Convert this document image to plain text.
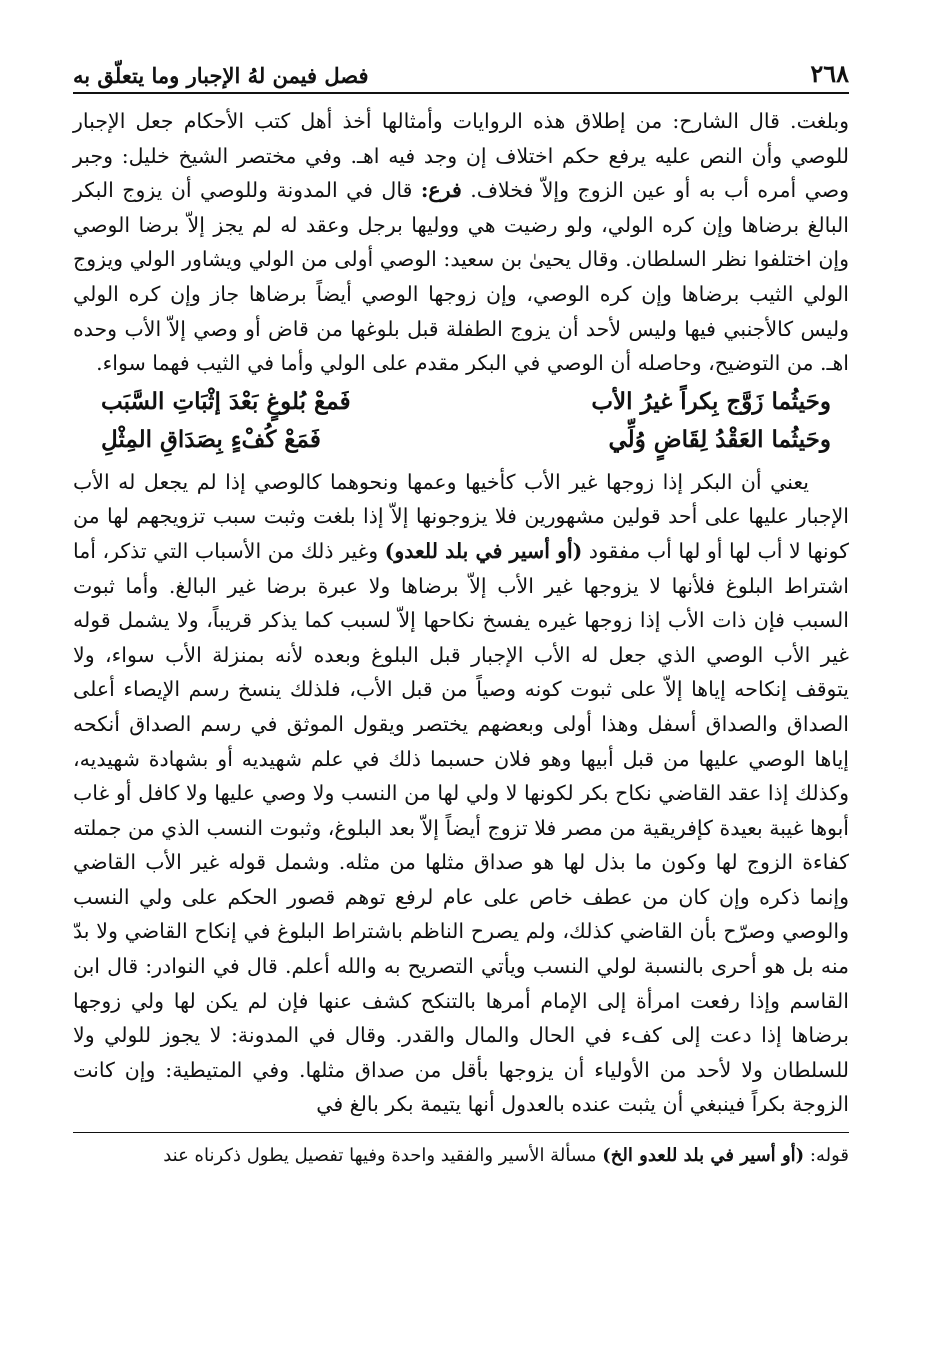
٢٦٨
فصل فيمن لهُ الإجبار وما يتعلّق به

وبلغت. قال الشارح: من إطلاق هذه الروايات وأمثالها أخذ أهل كتب الأحكام جعل الإجبار للوصي وأن النص عليه يرفع حكم اختلاف إن وجد فيه اهـ. وفي مختصر الشيخ خليل: وجبر وصي أمره أب به أو عين الزوج وإلاّ فخلاف. فرع: قال في المدونة وللوصي أن يزوج البكر البالغ برضاها وإن كره الولي، ولو رضيت هي ووليها برجل وعقد له لم يجز إلاّ برضا الوصي وإن اختلفوا نظر السلطان. وقال يحيىٰ بن سعيد: الوصي أولى من الولي ويشاور الولي ويزوج الولي الثيب برضاها وإن كره الوصي، وإن زوجها الوصي أيضاً برضاها جاز وإن كره الولي وليس كالأجنبي فيها وليس لأحد أن يزوج الطفلة قبل بلوغها من قاض أو وصي إلاّ الأب وحده اهـ. من التوضيح، وحاصله أن الوصي في البكر مقدم على الولي وأما في الثيب فهما سواء.

وحَيثُما زَوَّج بِكراً غيرُ الأب
فَمعْ بُلوغٍ بَعْدَ إثْبَاتِ السَّبَب
وحَيثُما العَقْدُ لِقَاضٍ وُلِّي
فَمَعْ كُفْءٍ بِصَدَاقِ المِثْلِ

يعني أن البكر إذا زوجها غير الأب كأخيها وعمها ونحوهما كالوصي إذا لم يجعل له الأب الإجبار عليها على أحد قولين مشهورين فلا يزوجونها إلاّ إذا بلغت وثبت سبب تزويجهم لها من كونها لا أب لها أو لها أب مفقود (أو أسير في بلد للعدو) وغير ذلك من الأسباب التي تذكر، أما اشتراط البلوغ فلأنها لا يزوجها غير الأب إلاّ برضاها ولا عبرة برضا غير البالغ. وأما ثبوت السبب فإن ذات الأب إذا زوجها غيره يفسخ نكاحها إلاّ لسبب كما يذكر قريباً، ولا يشمل قوله غير الأب الوصي الذي جعل له الأب الإجبار قبل البلوغ وبعده لأنه بمنزلة الأب سواء، ولا يتوقف إنكاحه إياها إلاّ على ثبوت كونه وصياً من قبل الأب، فلذلك ينسخ رسم الإيصاء أعلى الصداق والصداق أسفل وهذا أولى وبعضهم يختصر ويقول الموثق في رسم الصداق أنكحه إياها الوصي عليها من قبل أبيها وهو فلان حسبما ذلك في علم شهيديه أو بشهادة شهيديه، وكذلك إذا عقد القاضي نكاح بكر لكونها لا ولي لها من النسب ولا وصي عليها ولا كافل أو غاب أبوها غيبة بعيدة كإفريقية من مصر فلا تزوج أيضاً إلاّ بعد البلوغ، وثبوت النسب الذي من جملته كفاءة الزوج لها وكون ما بذل لها هو صداق مثلها من مثله. وشمل قوله غير الأب القاضي وإنما ذكره وإن كان من عطف خاص على عام لرفع توهم قصور الحكم على ولي النسب والوصي وصرّح بأن القاضي كذلك، ولم يصرح الناظم باشتراط البلوغ في إنكاح القاضي ولا بدّ منه بل هو أحرى بالنسبة لولي النسب ويأتي التصريح به والله أعلم. قال في النوادر: قال ابن القاسم وإذا رفعت امرأة إلى الإمام أمرها بالتنكح كشف عنها فإن لم يكن لها ولي زوجها برضاها إذا دعت إلى كفء في الحال والمال والقدر. وقال في المدونة: لا يجوز للولي ولا للسلطان ولا لأحد من الأولياء أن يزوجها بأقل من صداق مثلها. وفي المتيطية: وإن كانت الزوجة بكراً فينبغي أن يثبت عنده بالعدول أنها يتيمة بكر بالغ في

قوله: (أو أسير في بلد للعدو الخ) مسألة الأسير والفقيد واحدة وفيها تفصيل يطول ذكرناه عند
